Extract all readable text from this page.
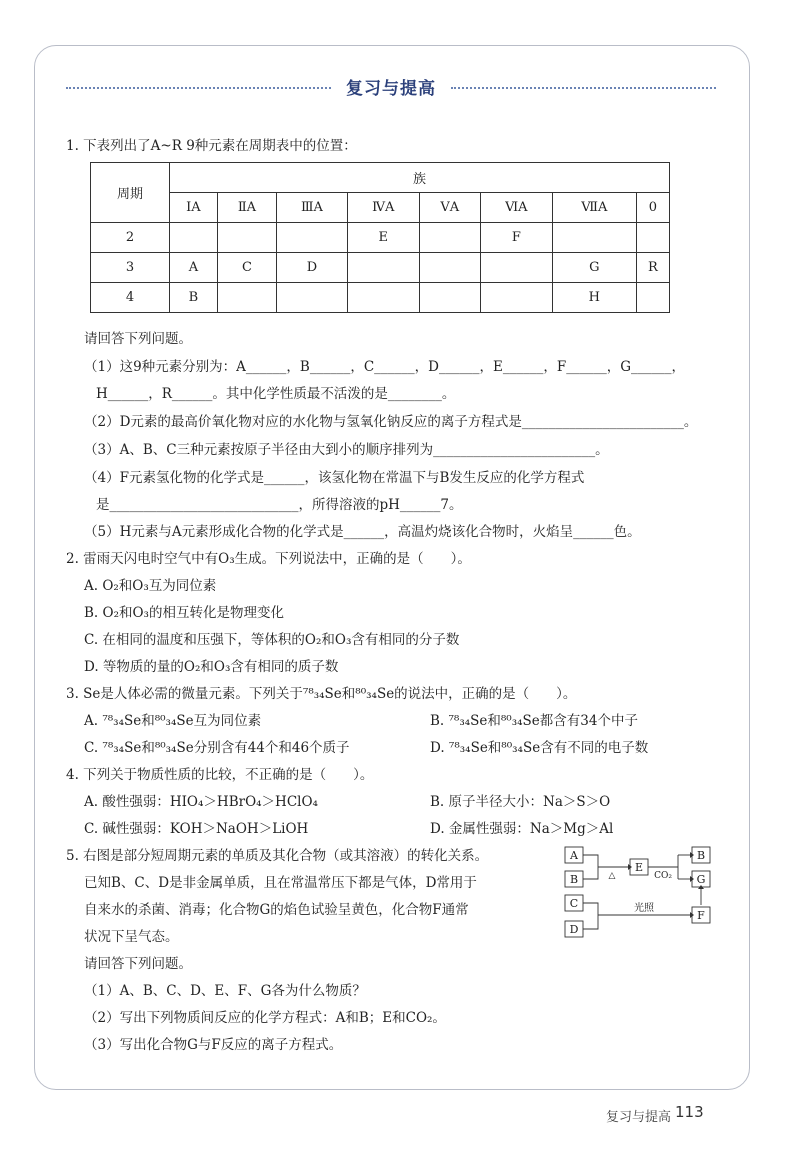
复习与提高
1. 下表列出了A~R 9种元素在周期表中的位置：
周期	族							
	ⅠA	ⅡA	ⅢA	ⅣA	ⅤA	ⅥA	ⅦA	0
2				E		F		
3	A	C	D				G	R
4	B						H	
请回答下列问题。
（1）这9种元素分别为：A______，B______，C______，D______，E______，F______，G______，
H______，R______。其中化学性质最不活泼的是________。
（2）D元素的最高价氧化物对应的水化物与氢氧化钠反应的离子方程式是________________________。
（3）A、B、C三种元素按原子半径由大到小的顺序排列为________________________。
（4）F元素氢化物的化学式是______，该氢化物在常温下与B发生反应的化学方程式
是____________________________，所得溶液的pH______7。
（5）H元素与A元素形成化合物的化学式是______，高温灼烧该化合物时，火焰呈______色。
2. 雷雨天闪电时空气中有O₃生成。下列说法中，正确的是（　　）。
A. O₂和O₃互为同位素
B. O₂和O₃的相互转化是物理变化
C. 在相同的温度和压强下，等体积的O₂和O₃含有相同的分子数
D. 等物质的量的O₂和O₃含有相同的质子数
3. Se是人体必需的微量元素。下列关于⁷⁸₃₄Se和⁸⁰₃₄Se的说法中，正确的是（　　）。
A. ⁷⁸₃₄Se和⁸⁰₃₄Se互为同位素	B. ⁷⁸₃₄Se和⁸⁰₃₄Se都含有34个中子
C. ⁷⁸₃₄Se和⁸⁰₃₄Se分别含有44个和46个质子	D. ⁷⁸₃₄Se和⁸⁰₃₄Se含有不同的电子数
4. 下列关于物质性质的比较，不正确的是（　　）。
A. 酸性强弱：HIO₄＞HBrO₄＞HClO₄	B. 原子半径大小：Na＞S＞O
C. 碱性强弱：KOH＞NaOH＞LiOH	D. 金属性强弱：Na＞Mg＞Al
5. 右图是部分短周期元素的单质及其化合物（或其溶液）的转化关系。
已知B、C、D是非金属单质，且在常温常压下都是气体，D常用于
自来水的杀菌、消毒；化合物G的焰色试验呈黄色，化合物F通常
状况下呈气态。
请回答下列问题。
（1）A、B、C、D、E、F、G各为什么物质？
（2）写出下列物质间反应的化学方程式：A和B；E和CO₂。
（3）写出化合物G与F反应的离子方程式。
A
B
C
D
E
B
G
F
△	CO₂
光照
复习与提高 113
